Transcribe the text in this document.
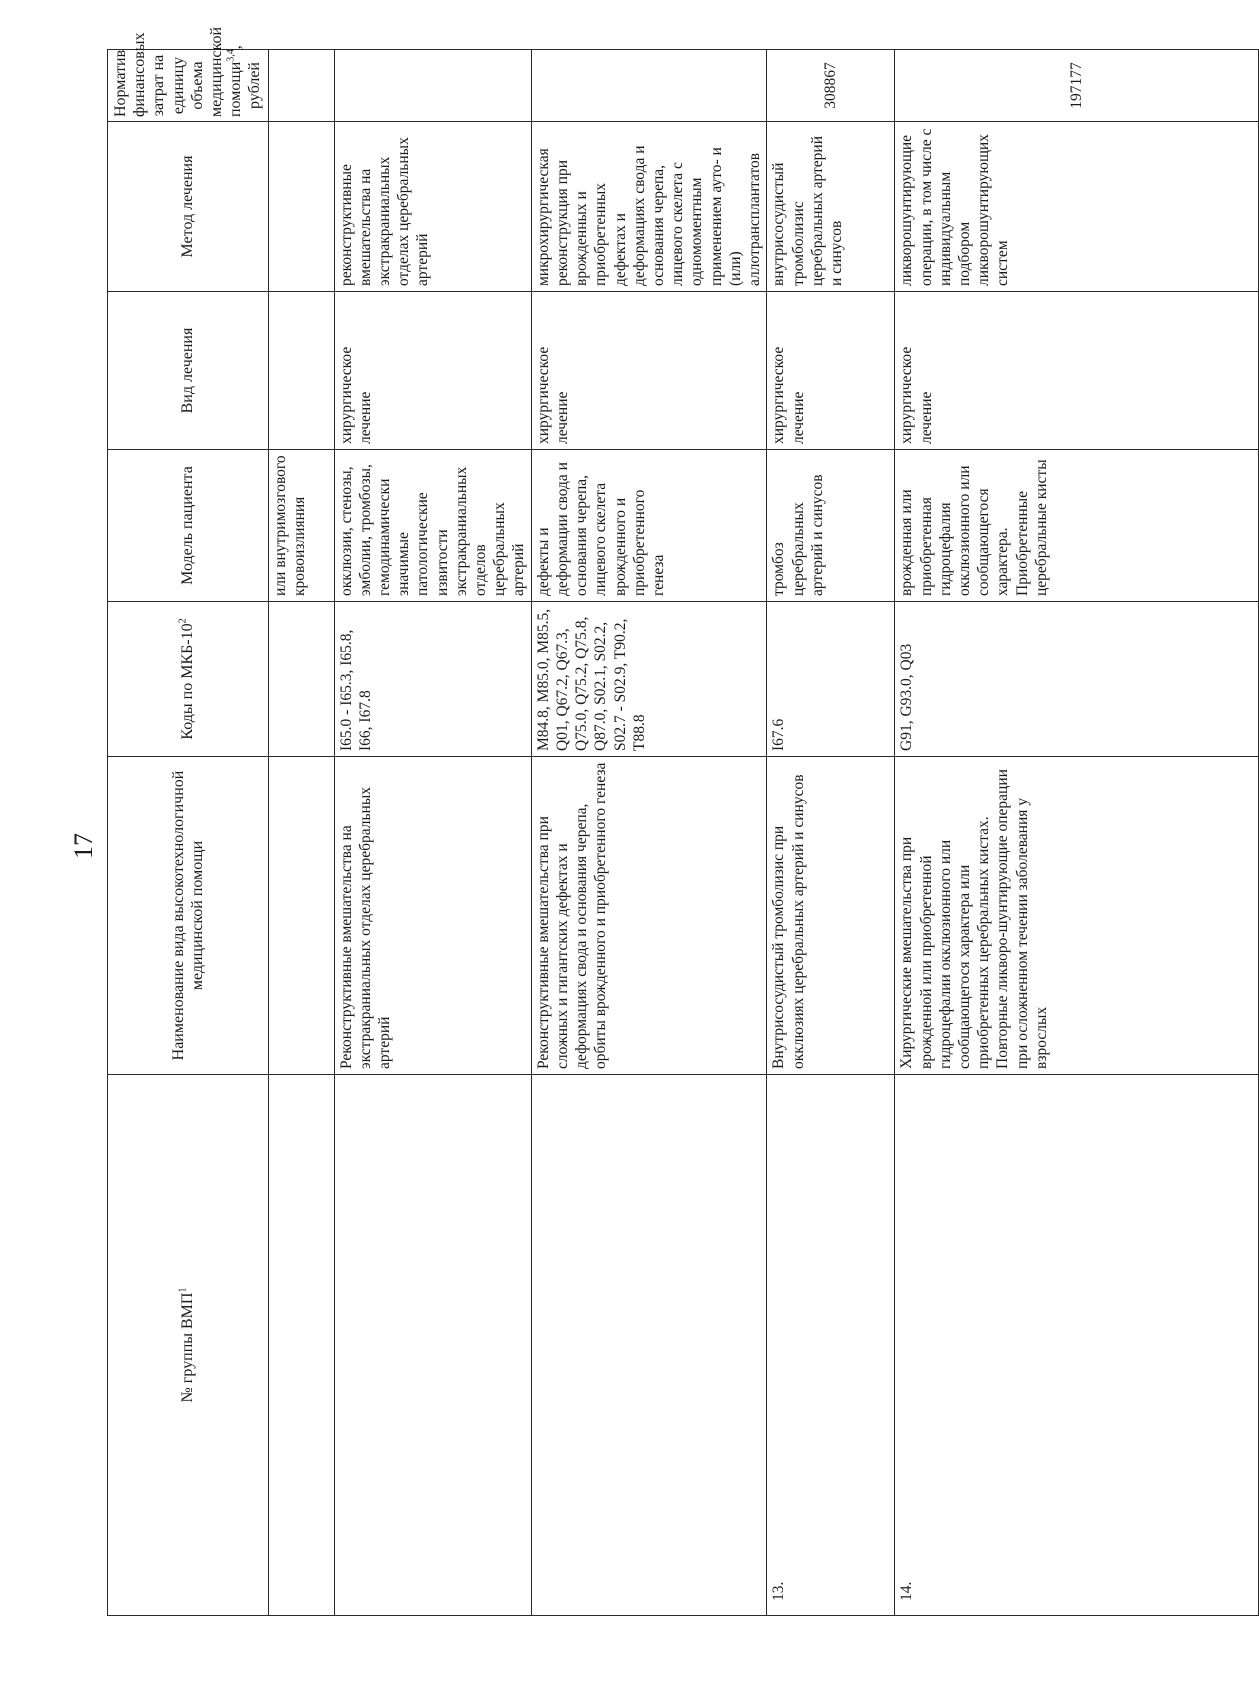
17
№ группы ВМП$^1$	Наименование вида высокотехнологичной медицинской помощи	Коды по МКБ-$10^2$	Модель пациента	Вид лечения	Метод лечения	Норматив финансовых затрат на единицу объема медицинской помощи$^{3,4}$, рублей
			или внутримозгового кровоизлияния			
	Реконструктивные вмешательства на экстракраниальных отделах церебральных артерий	I65.0 - I65.3, I65.8, I66, I67.8	окклюзии, стенозы, эмболии, тромбозы, гемодинамически значимые патологические извитости экстракраниальных отделов церебральных артерий	хирургическое лечение	реконструктивные вмешательства на экстракраниальных отделах церебральных артерий	
	Реконструктивные вмешательства при сложных и гигантских дефектах и деформациях свода и основания черепа, орбиты врожденного и приобретенного генеза	M84.8, M85.0, M85.5, Q01, Q67.2, Q67.3, Q75.0, Q75.2, Q75.8, Q87.0, S02.1, S02.2, S02.7 - S02.9, T90.2, T88.8	дефекты и деформации свода и основания черепа, лицевого скелета врожденного и приобретенного генеза	хирургическое лечение	микрохирургическая реконструкция при врожденных и приобретенных дефектах и деформациях свода и основания черепа, лицевого скелета с одномоментным применением ауто- и (или) аллотрансплантатов	
13.	Внутрисосудистый тромболизис при окклюзиях церебральных артерий и синусов	I67.6	тромбоз церебральных артерий и синусов	хирургическое лечение	внутрисосудистый тромболизис церебральных артерий и синусов	308867
14.	Хирургические вмешательства при врожденной или приобретенной гидроцефалии окклюзионного или сообщающегося характера или приобретенных церебральных кистах. Повторные ликворо-шунтирующие операции при осложненном течении заболевания у взрослых	G91, G93.0, Q03	врожденная или приобретенная гидроцефалия окклюзионного или сообщающегося характера. Приобретенные церебральные кисты	хирургическое лечение	ликворошунтирующие операции, в том числе с индивидуальным подбором ликворошунтирующих систем	197177
